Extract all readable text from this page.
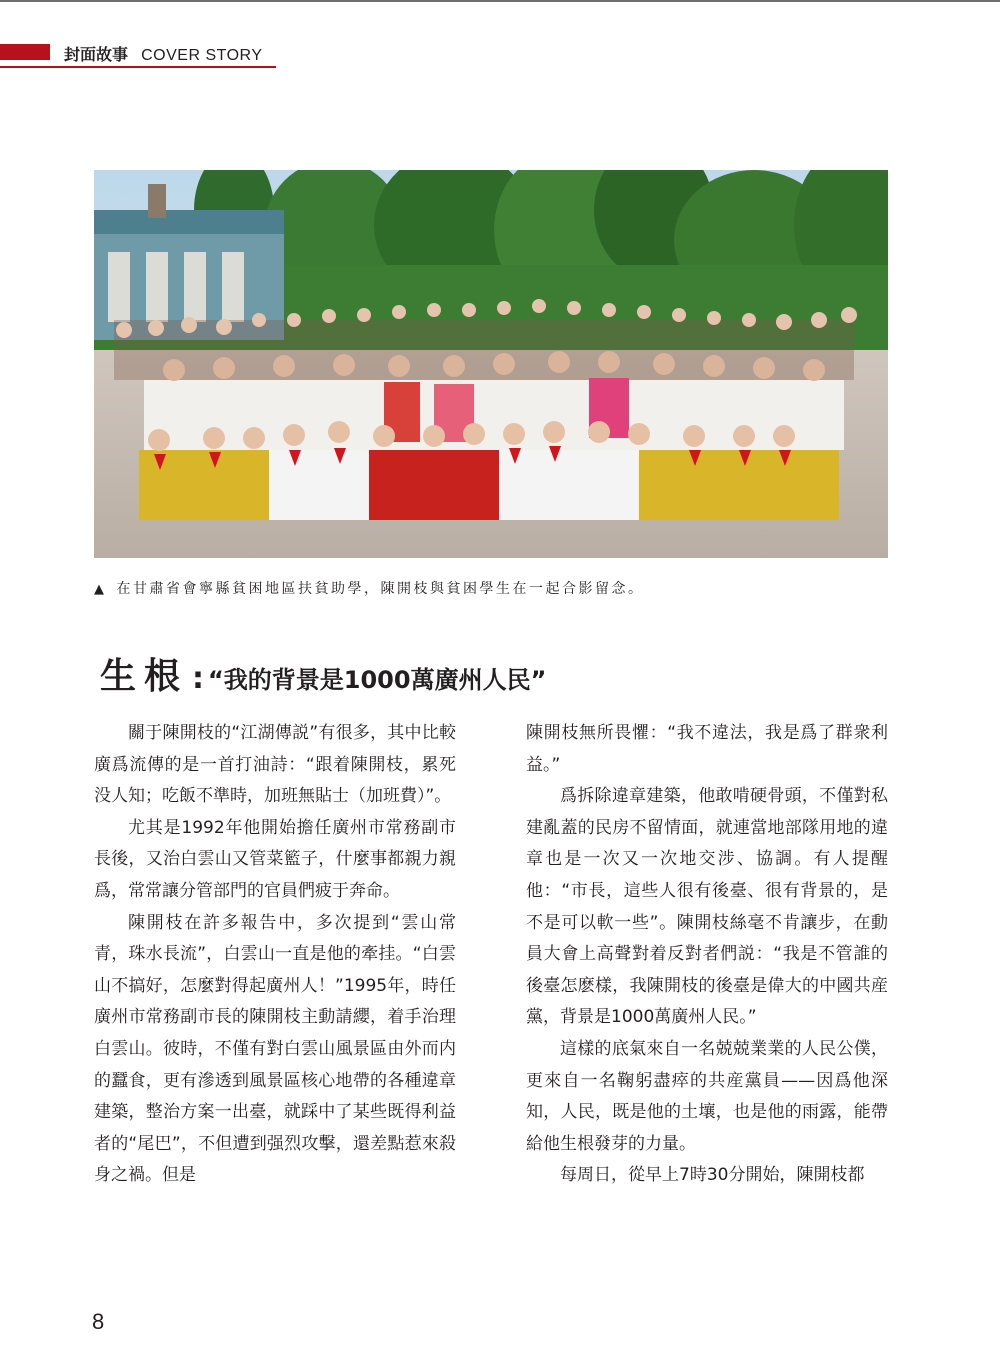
封面故事 COVER STORY
▲ 在甘肅省會寧縣貧困地區扶貧助學，陳開枝與貧困學生在一起合影留念。
生根 : “我的背景是1000萬廣州人民”

關于陳開枝的“江湖傳説”有很多，其中比較廣爲流傳的是一首打油詩：“跟着陳開枝，累死没人知；吃飯不準時，加班無貼士（加班費）”。

尤其是1992年他開始擔任廣州市常務副市長後，又治白雲山又管菜籃子，什麼事都親力親爲，常常讓分管部門的官員們疲于奔命。

陳開枝在許多報告中，多次提到“雲山常青，珠水長流”，白雲山一直是他的牽挂。“白雲山不搞好，怎麼對得起廣州人！”1995年，時任廣州市常務副市長的陳開枝主動請纓，着手治理白雲山。彼時，不僅有對白雲山風景區由外而内的蠶食，更有滲透到風景區核心地帶的各種違章建築，整治方案一出臺，就踩中了某些既得利益者的“尾巴”，不但遭到强烈攻擊，還差點惹來殺身之禍。但是

陳開枝無所畏懼：“我不違法，我是爲了群衆利益。”

爲拆除違章建築，他敢啃硬骨頭，不僅對私建亂蓋的民房不留情面，就連當地部隊用地的違章也是一次又一次地交涉、協調。有人提醒他：“市長，這些人很有後臺、很有背景的，是不是可以軟一些”。陳開枝絲毫不肯讓步，在動員大會上高聲對着反對者們説：“我是不管誰的後臺怎麽樣，我陳開枝的後臺是偉大的中國共産黨，背景是1000萬廣州人民。”

這樣的底氣來自一名兢兢業業的人民公僕，更來自一名鞠躬盡瘁的共産黨員——因爲他深知，人民，既是他的土壤，也是他的雨露，能帶給他生根發芽的力量。

每周日，從早上7時30分開始，陳開枝都

8
